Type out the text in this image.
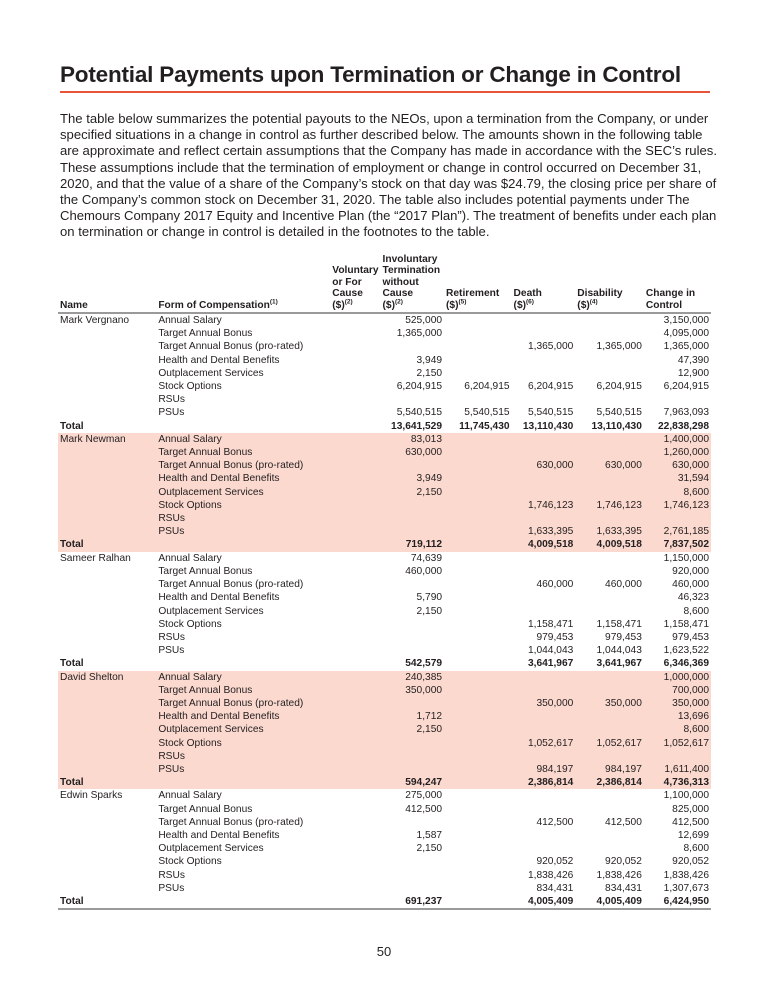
Potential Payments upon Termination or Change in Control
The table below summarizes the potential payouts to the NEOs, upon a termination from the Company, or under specified situations in a change in control as further described below. The amounts shown in the following table are approximate and reflect certain assumptions that the Company has made in accordance with the SEC’s rules. These assumptions include that the termination of employment or change in control occurred on December 31, 2020, and that the value of a share of the Company’s stock on that day was $24.79, the closing price per share of the Company’s common stock on December 31, 2020. The table also includes potential payments under The Chemours Company 2017 Equity and Incentive Plan (the “2017 Plan”). The treatment of benefits under each plan on termination or change in control is detailed in the footnotes to the table.
Name	Form of Compensation$^{(1)}$	Voluntary
or For
Cause
($)$^{(2)}$	Involuntary
Termination
without
Cause
($)$^{(2)}$	Retirement
($)$^{(5)}$	Death
($)$^{(6)}$	Disability
($)$^{(4)}$	Change in
Control
Mark Vergnano	Annual Salary		525,000				3,150,000
	Target Annual Bonus		1,365,000				4,095,000
	Target Annual Bonus (pro-rated)				1,365,000	1,365,000	1,365,000
	Health and Dental Benefits		3,949				47,390
	Outplacement Services		2,150				12,900
	Stock Options		6,204,915	6,204,915	6,204,915	6,204,915	6,204,915
	RSUs						
	PSUs		5,540,515	5,540,515	5,540,515	5,540,515	7,963,093
Total			13,641,529	11,745,430	13,110,430	13,110,430	22,838,298
Mark Newman	Annual Salary		83,013				1,400,000
	Target Annual Bonus		630,000				1,260,000
	Target Annual Bonus (pro-rated)				630,000	630,000	630,000
	Health and Dental Benefits		3,949				31,594
	Outplacement Services		2,150				8,600
	Stock Options				1,746,123	1,746,123	1,746,123
	RSUs						
	PSUs				1,633,395	1,633,395	2,761,185
Total			719,112		4,009,518	4,009,518	7,837,502
Sameer Ralhan	Annual Salary		74,639				1,150,000
	Target Annual Bonus		460,000				920,000
	Target Annual Bonus (pro-rated)				460,000	460,000	460,000
	Health and Dental Benefits		5,790				46,323
	Outplacement Services		2,150				8,600
	Stock Options				1,158,471	1,158,471	1,158,471
	RSUs				979,453	979,453	979,453
	PSUs				1,044,043	1,044,043	1,623,522
Total			542,579		3,641,967	3,641,967	6,346,369
David Shelton	Annual Salary		240,385				1,000,000
	Target Annual Bonus		350,000				700,000
	Target Annual Bonus (pro-rated)				350,000	350,000	350,000
	Health and Dental Benefits		1,712				13,696
	Outplacement Services		2,150				8,600
	Stock Options				1,052,617	1,052,617	1,052,617
	RSUs						
	PSUs				984,197	984,197	1,611,400
Total			594,247		2,386,814	2,386,814	4,736,313
Edwin Sparks	Annual Salary		275,000				1,100,000
	Target Annual Bonus		412,500				825,000
	Target Annual Bonus (pro-rated)				412,500	412,500	412,500
	Health and Dental Benefits		1,587				12,699
	Outplacement Services		2,150				8,600
	Stock Options				920,052	920,052	920,052
	RSUs				1,838,426	1,838,426	1,838,426
	PSUs				834,431	834,431	1,307,673
Total			691,237		4,005,409	4,005,409	6,424,950
50
